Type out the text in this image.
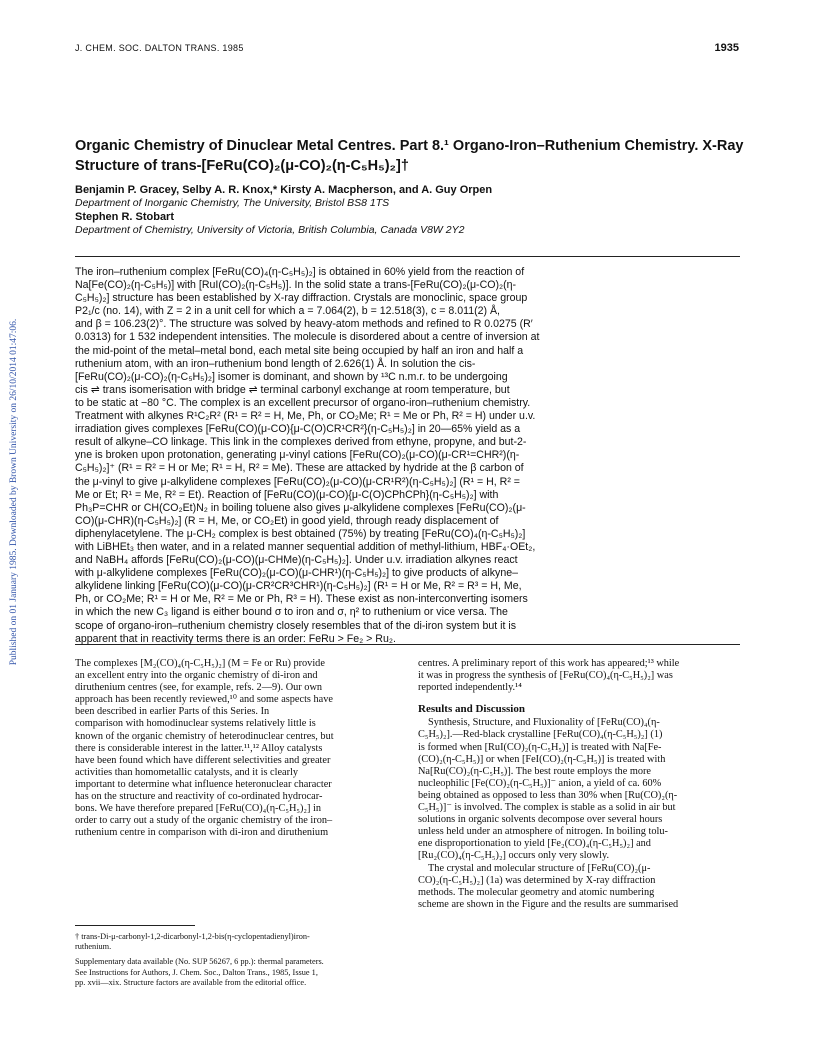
Published on 01 January 1985. Downloaded by Brown University on 26/10/2014 01:47:06.
J. CHEM. SOC. DALTON TRANS. 1985	1935
Organic Chemistry of Dinuclear Metal Centres. Part 8.¹ Organo-Iron–Ruthenium Chemistry. X-Ray Structure of trans-[FeRu(CO)₂(μ-CO)₂(η-C₅H₅)₂]†
Benjamin P. Gracey, Selby A. R. Knox,* Kirsty A. Macpherson, and A. Guy Orpen
Department of Inorganic Chemistry, The University, Bristol BS8 1TS
Stephen R. Stobart
Department of Chemistry, University of Victoria, British Columbia, Canada V8W 2Y2

The iron–ruthenium complex [FeRu(CO)₄(η-C₅H₅)₂] is obtained in 60% yield from the reaction of
Na[Fe(CO)₂(η-C₅H₅)] with [RuI(CO)₂(η-C₅H₅)]. In the solid state a trans-[FeRu(CO)₂(μ-CO)₂(η-
C₅H₅)₂] structure has been established by X-ray diffraction. Crystals are monoclinic, space group
P2₁/c (no. 14), with Z = 2 in a unit cell for which a = 7.064(2), b = 12.518(3), c = 8.011(2) Å,
and β = 106.23(2)°. The structure was solved by heavy-atom methods and refined to R 0.0275 (R′
0.0313) for 1 532 independent intensities. The molecule is disordered about a centre of inversion at
the mid-point of the metal–metal bond, each metal site being occupied by half an iron and half a
ruthenium atom, with an iron–ruthenium bond length of 2.626(1) Å. In solution the cis-
[FeRu(CO)₂(μ-CO)₂(η-C₅H₅)₂] isomer is dominant, and shown by ¹³C n.m.r. to be undergoing
cis ⇌ trans isomerisation with bridge ⇌ terminal carbonyl exchange at room temperature, but
to be static at −80 °C. The complex is an excellent precursor of organo-iron–ruthenium chemistry.
Treatment with alkynes R¹C₂R² (R¹ = R² = H, Me, Ph, or CO₂Me; R¹ = Me or Ph, R² = H) under u.v.
irradiation gives complexes [FeRu(CO)(μ-CO){μ-C(O)CR¹CR²}(η-C₅H₅)₂] in 20—65% yield as a
result of alkyne–CO linkage. This link in the complexes derived from ethyne, propyne, and but-2-
yne is broken upon protonation, generating μ-vinyl cations [FeRu(CO)₂(μ-CO)(μ-CR¹=CHR²)(η-
C₅H₅)₂]⁺ (R¹ = R² = H or Me; R¹ = H, R² = Me). These are attacked by hydride at the β carbon of
the μ-vinyl to give μ-alkylidene complexes [FeRu(CO)₂(μ-CO)(μ-CR¹R²)(η-C₅H₅)₂] (R¹ = H, R² =
Me or Et; R¹ = Me, R² = Et). Reaction of [FeRu(CO)(μ-CO){μ-C(O)CPhCPh}(η-C₅H₅)₂] with
Ph₃P=CHR or CH(CO₂Et)N₂ in boiling toluene also gives μ-alkylidene complexes [FeRu(CO)₂(μ-
CO)(μ-CHR)(η-C₅H₅)₂] (R = H, Me, or CO₂Et) in good yield, through ready displacement of
diphenylacetylene. The μ-CH₂ complex is best obtained (75%) by treating [FeRu(CO)₄(η-C₅H₅)₂]
with LiBHEt₃ then water, and in a related manner sequential addition of methyl-lithium, HBF₄·OEt₂,
and NaBH₄ affords [FeRu(CO)₂(μ-CO)(μ-CHMe)(η-C₅H₅)₂]. Under u.v. irradiation alkynes react
with μ-alkylidene complexes [FeRu(CO)₂(μ-CO)(μ-CHR¹)(η-C₅H₅)₂] to give products of alkyne–
alkylidene linking [FeRu(CO)(μ-CO)(μ-CR²CR³CHR¹)(η-C₅H₅)₂] (R¹ = H or Me, R² = R³ = H, Me,
Ph, or CO₂Me; R¹ = H or Me, R² = Me or Ph, R³ = H). These exist as non-interconverting isomers
in which the new C₃ ligand is either bound σ to iron and σ, η² to ruthenium or vice versa. The
scope of organo-iron–ruthenium chemistry closely resembles that of the di-iron system but it is
apparent that in reactivity terms there is an order: FeRu > Fe₂ > Ru₂.

The complexes [M₂(CO)₄(η-C₅H₅)₂] (M = Fe or Ru) provide
an excellent entry into the organic chemistry of di-iron and
diruthenium centres (see, for example, refs. 2—9). Our own
approach has been recently reviewed,¹⁰ and some aspects have
been described in earlier Parts of this Series. In
comparison with homodinuclear systems relatively little is
known of the organic chemistry of heterodinuclear centres, but
there is considerable interest in the latter.¹¹,¹² Alloy catalysts
have been found which have different selectivities and greater
activities than homometallic catalysts, and it is clearly
important to determine what influence heteronuclear character
has on the structure and reactivity of co-ordinated hydrocar-
bons. We have therefore prepared [FeRu(CO)₄(η-C₅H₅)₂] in
order to carry out a study of the organic chemistry of the iron–
ruthenium centre in comparison with di-iron and diruthenium

centres. A preliminary report of this work has appeared;¹³ while
it was in progress the synthesis of [FeRu(CO)₄(η-C₅H₅)₂] was
reported independently.¹⁴

Results and Discussion

Synthesis, Structure, and Fluxionality of [FeRu(CO)₄(η-
C₅H₅)₂].—Red-black crystalline [FeRu(CO)₄(η-C₅H₅)₂] (1)
is formed when [RuI(CO)₂(η-C₅H₅)] is treated with Na[Fe-
(CO)₂(η-C₅H₅)] or when [FeI(CO)₂(η-C₅H₅)] is treated with
Na[Ru(CO)₂(η-C₅H₅)]. The best route employs the more
nucleophilic [Fe(CO)₂(η-C₅H₅)]⁻ anion, a yield of ca. 60%
being obtained as opposed to less than 30% when [Ru(CO)₂(η-
C₅H₅)]⁻ is involved. The complex is stable as a solid in air but
solutions in organic solvents decompose over several hours
unless held under an atmosphere of nitrogen. In boiling tolu-
ene disproportionation to yield [Fe₂(CO)₄(η-C₅H₅)₂] and
[Ru₂(CO)₄(η-C₅H₅)₂] occurs only very slowly.

The crystal and molecular structure of [FeRu(CO)₂(μ-
CO)₂(η-C₅H₅)₂] (1a) was determined by X-ray diffraction
methods. The molecular geometry and atomic numbering
scheme are shown in the Figure and the results are summarised

† trans-Di-μ-carbonyl-1,2-dicarbonyl-1,2-bis(η-cyclopentadienyl)iron-
ruthenium.

Supplementary data available (No. SUP 56267, 6 pp.): thermal parameters.
See Instructions for Authors, J. Chem. Soc., Dalton Trans., 1985, Issue 1,
pp. xvii—xix. Structure factors are available from the editorial office.
